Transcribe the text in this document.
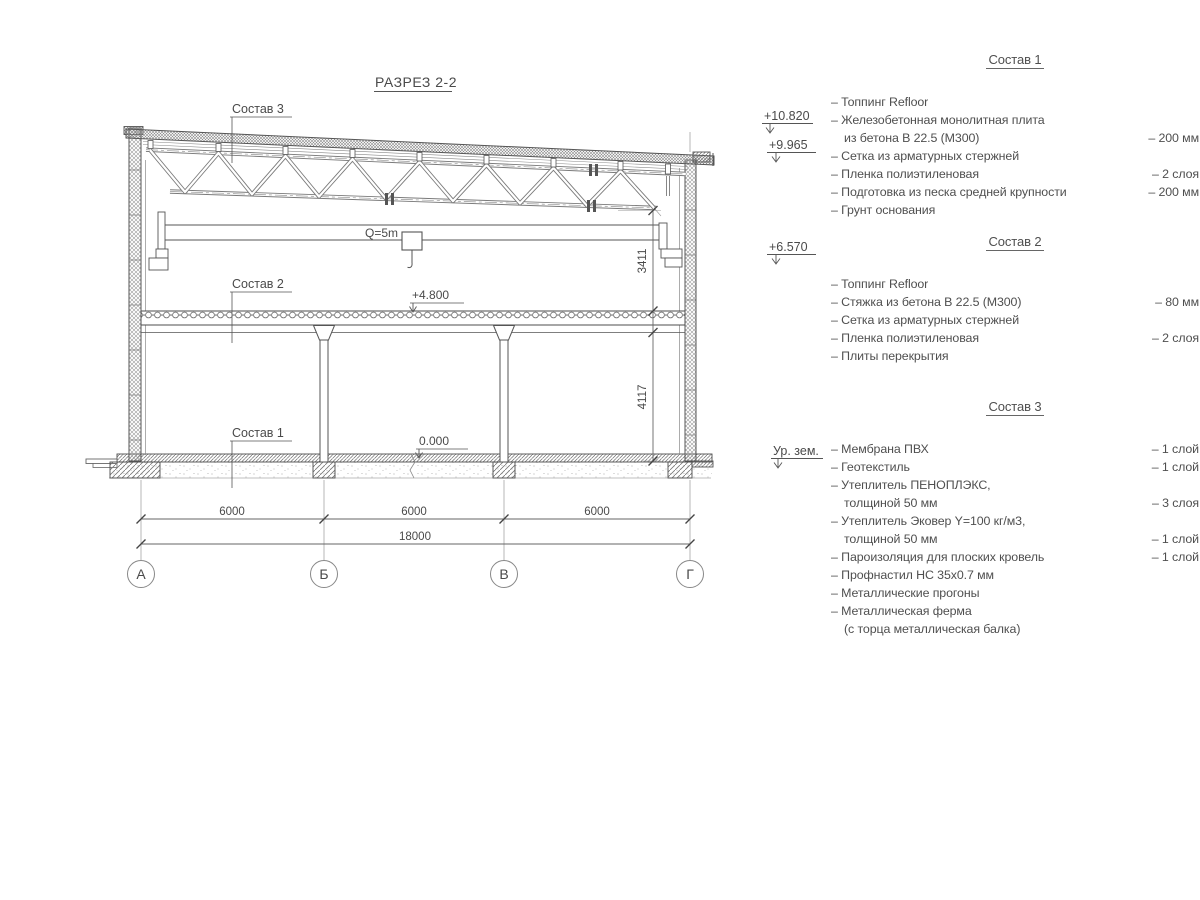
Q=5m
6000	6000	6000
18000
3411
4117
А	Б	В	Г
Состав 3
Состав 2
Состав 1
+4.800
0.000
РАЗРЕЗ 2-2
+10.820
+9.965
+6.570
Ур. зем.
Состав 1
– Топпинг Refloor
– Железобетонная монолитная плита
из бетона В 22.5 (М300)	– 200 мм
– Сетка из арматурных стержней
– Пленка полиэтиленовая	– 2 слоя
– Подготовка из песка средней крупности	– 200 мм
– Грунт основания
Состав 2
– Топпинг Refloor
– Стяжка из бетона В 22.5 (М300)	– 80 мм
– Сетка из арматурных стержней
– Пленка полиэтиленовая	– 2 слоя
– Плиты перекрытия
Состав 3
– Мембрана ПВХ	– 1 слой
– Геотекстиль	– 1 слой
– Утеплитель ПЕНОПЛЭКС,
толщиной 50 мм	– 3 слоя
– Утеплитель Эковер Y=100 кг/м3,
толщиной 50 мм	– 1 слой
– Пароизоляция для плоских кровель	– 1 слой
– Профнастил НС 35х0.7 мм
– Металлические прогоны
– Металлическая ферма
(с торца металлическая балка)
